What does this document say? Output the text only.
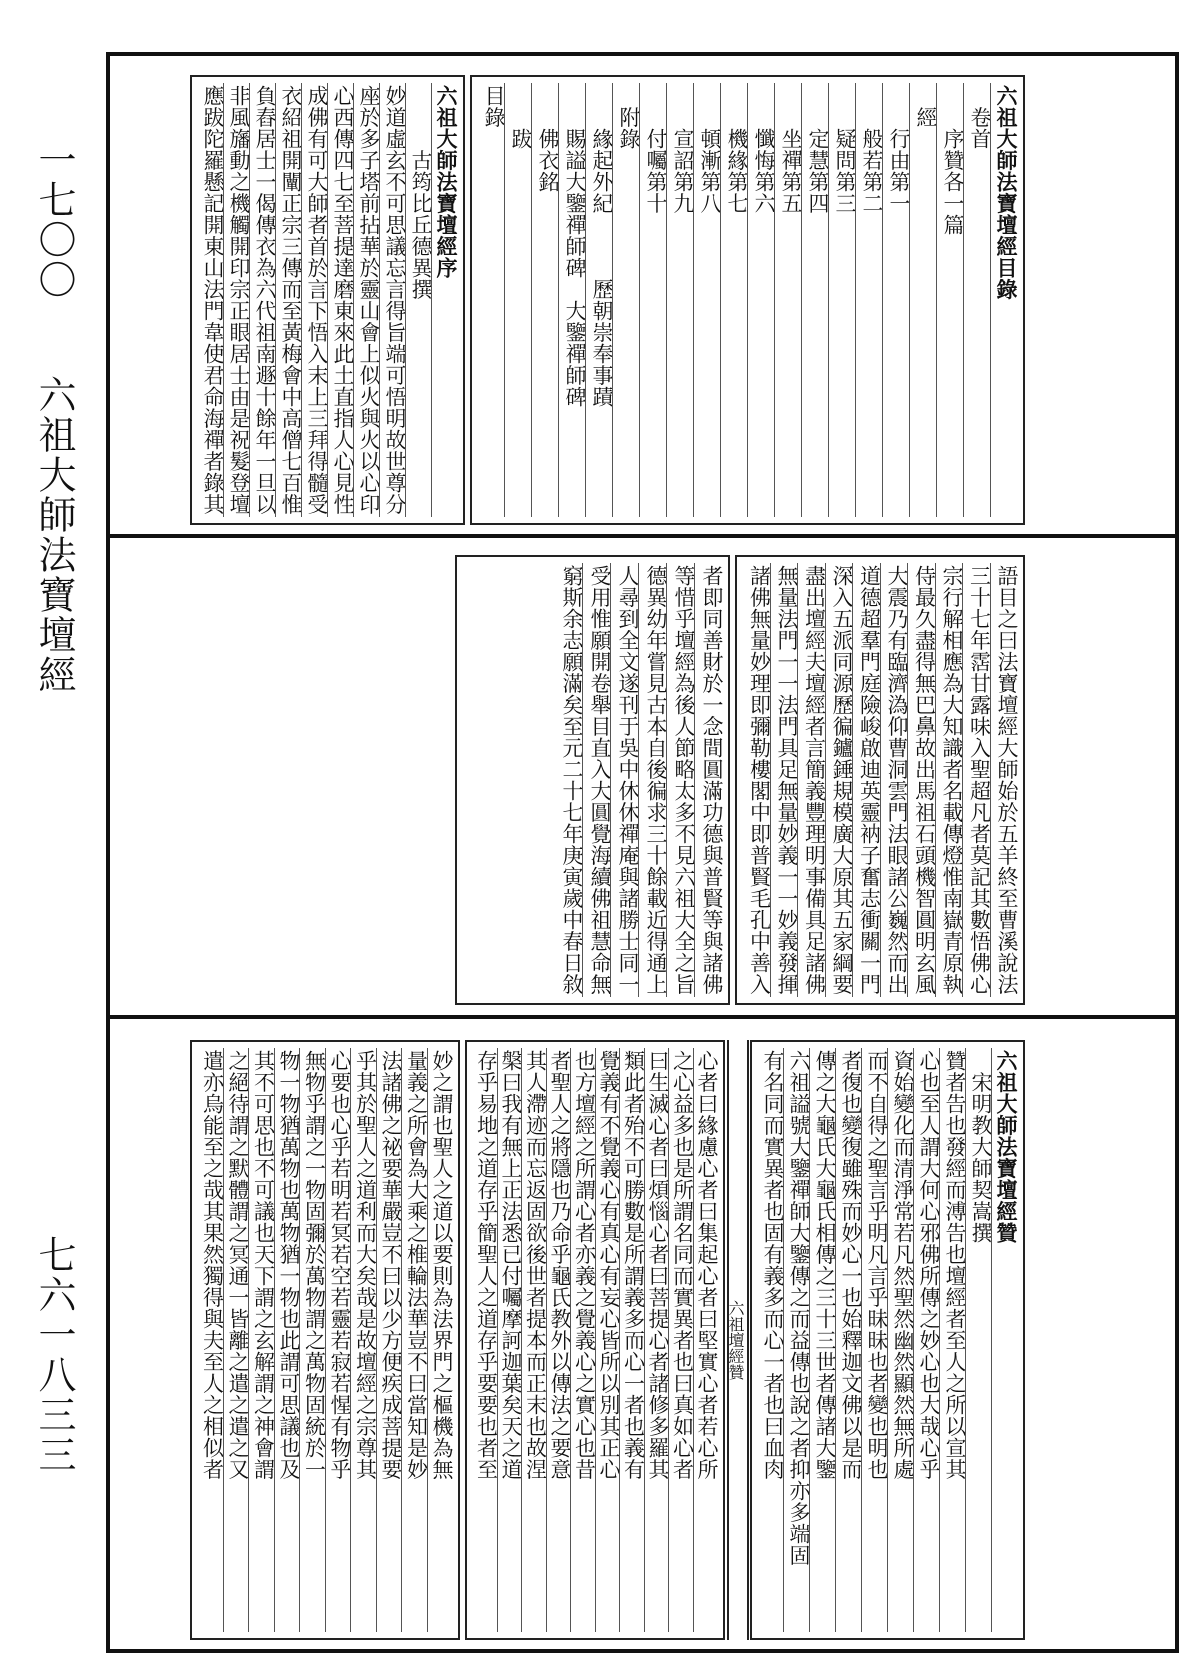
一七〇〇
六祖大師法寶壇經
七六一八三三
六祖大師法寶壇經目錄
　卷首
　　序贊各一篇
　經
　　行由第一
　　般若第二
　　疑問第三
　　定慧第四
　　坐禪第五
　　懺悔第六
　　機緣第七
　　頓漸第八
　　宣詔第九
　　付囑第十
　附錄
　　緣起外紀　　　歷朝崇奉事蹟
　　賜謚大鑒禪師碑　大鑒禪師碑
　　佛衣銘
　　跋
目錄
六祖大師法寶壇經序
　　　古筠比丘德異撰
妙道虛玄不可思議忘言得旨端可悟明故世尊分
座於多子塔前拈華於靈山會上似火與火以心印
心西傳四七至菩提達磨東來此土直指人心見性
成佛有可大師者首於言下悟入末上三拜得髓受
衣紹祖開闡正宗三傳而至黃梅會中高僧七百惟
負舂居士一偈傳衣為六代祖南遯十餘年一旦以
非風旛動之機觸開印宗正眼居士由是祝髮登壇
應跋陀羅懸記開東山法門韋使君命海禪者錄其
語目之曰法寶壇經大師始於五羊終至曹溪說法
三十七年霑甘露味入聖超凡者莫記其數悟佛心
宗行解相應為大知識者名載傳燈惟南嶽青原執
侍最久盡得無巴鼻故出馬祖石頭機智圓明玄風
大震乃有臨濟溈仰曹洞雲門法眼諸公巍然而出
道德超羣門庭險峻啟迪英靈衲子奮志衝關一門
深入五派同源歷徧鑪錘規模廣大原其五家綱要
盡出壇經夫壇經者言簡義豐理明事備具足諸佛
無量法門一一法門具足無量妙義一一妙義發揮
諸佛無量妙理即彌勒樓閣中即普賢毛孔中善入
者即同善財於一念間圓滿功德與普賢等與諸佛
等惜乎壇經為後人節略太多不見六祖大全之旨
德異幼年嘗見古本自後徧求三十餘載近得通上
人尋到全文遂刊于吳中休休禪庵與諸勝士同一
受用惟願開卷舉目直入大圓覺海續佛祖慧命無
窮斯余志願滿矣至元二十七年庚寅歲中春日敘
六祖大師法寶壇經贊
　宋明教大師契嵩撰
贊者告也發經而溥告也壇經者至人之所以宣其
心也至人謂大何心邪佛所傳之妙心也大哉心乎
資始變化而清淨常若凡然聖然幽然顯然無所處
而不自得之聖言乎明凡言乎昧昧也者變也明也
者復也變復雖殊而妙心一也始釋迦文佛以是而
傳之大龜氏大龜氏相傳之三十三世者傳諸大鑒
六祖謚號大鑒禪師大鑒傳之而益傳也說之者抑亦多端固
有名同而實異者也固有義多而心一者也曰血肉
六祖壇經贊
心者曰緣慮心者曰集起心者曰堅實心者若心所
之心益多也是所謂名同而實異者也曰真如心者
曰生滅心者曰煩惱心者曰菩提心者諸修多羅其
類此者殆不可勝數是所謂義多而心一者也義有
覺義有不覺義心有真心有妄心皆所以別其正心
也方壇經之所謂心者亦義之覺義心之實心也昔
者聖人之將隱也乃命乎龜氏教外以傳法之要意
其人滯迹而忘返固欲後世者提本而正末也故涅
槃曰我有無上正法悉已付囑摩訶迦葉矣天之道
存乎易地之道存乎簡聖人之道存乎要要也者至
妙之謂也聖人之道以要則為法界門之樞機為無
量義之所會為大乘之椎輪法華豈不曰當知是妙
法諸佛之祕要華嚴豈不曰以少方便疾成菩提要
乎其於聖人之道利而大矣哉是故壇經之宗尊其
心要也心乎若明若冥若空若靈若寂若惺有物乎
無物乎謂之一物固彌於萬物謂之萬物固統於一
物一物猶萬物也萬物猶一物也此謂可思議也及
其不可思也不可議也天下謂之玄解謂之神會謂
之絕待謂之默體謂之冥通一皆離之遣之遣之又
遣亦烏能至之哉其果然獨得與夫至人之相似者
